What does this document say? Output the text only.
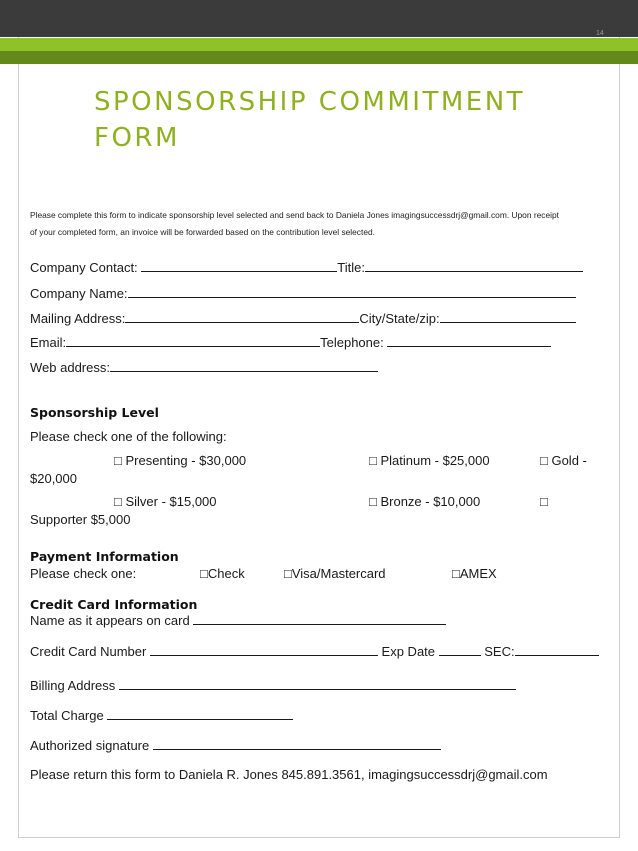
14
SPONSORSHIP COMMITMENT
FORM
Please complete this form to indicate sponsorship level selected and send back to Daniela Jones imagingsuccessdrj@gmail.com. Upon receipt
of your completed form, an invoice will be forwarded based on the contribution level selected.
Company Contact:	Title:
Company Name:
Mailing Address:	City/State/zip:
Email:	Telephone:
Web address:
Sponsorship Level
Please check one of the following:
□ Presenting - $30,000	□ Platinum - $25,000	□ Gold -
$20,000
□ Silver - $15,000	□ Bronze - $10,000	□
Supporter $5,000
Payment Information
Please check one:	□Check	□Visa/Mastercard	□AMEX
Credit Card Information
Name as it appears on card
Credit Card Number	Exp Date	SEC:
Billing Address
Total Charge
Authorized signature
Please return this form to Daniela R. Jones 845.891.3561, imagingsuccessdrj@gmail.com
